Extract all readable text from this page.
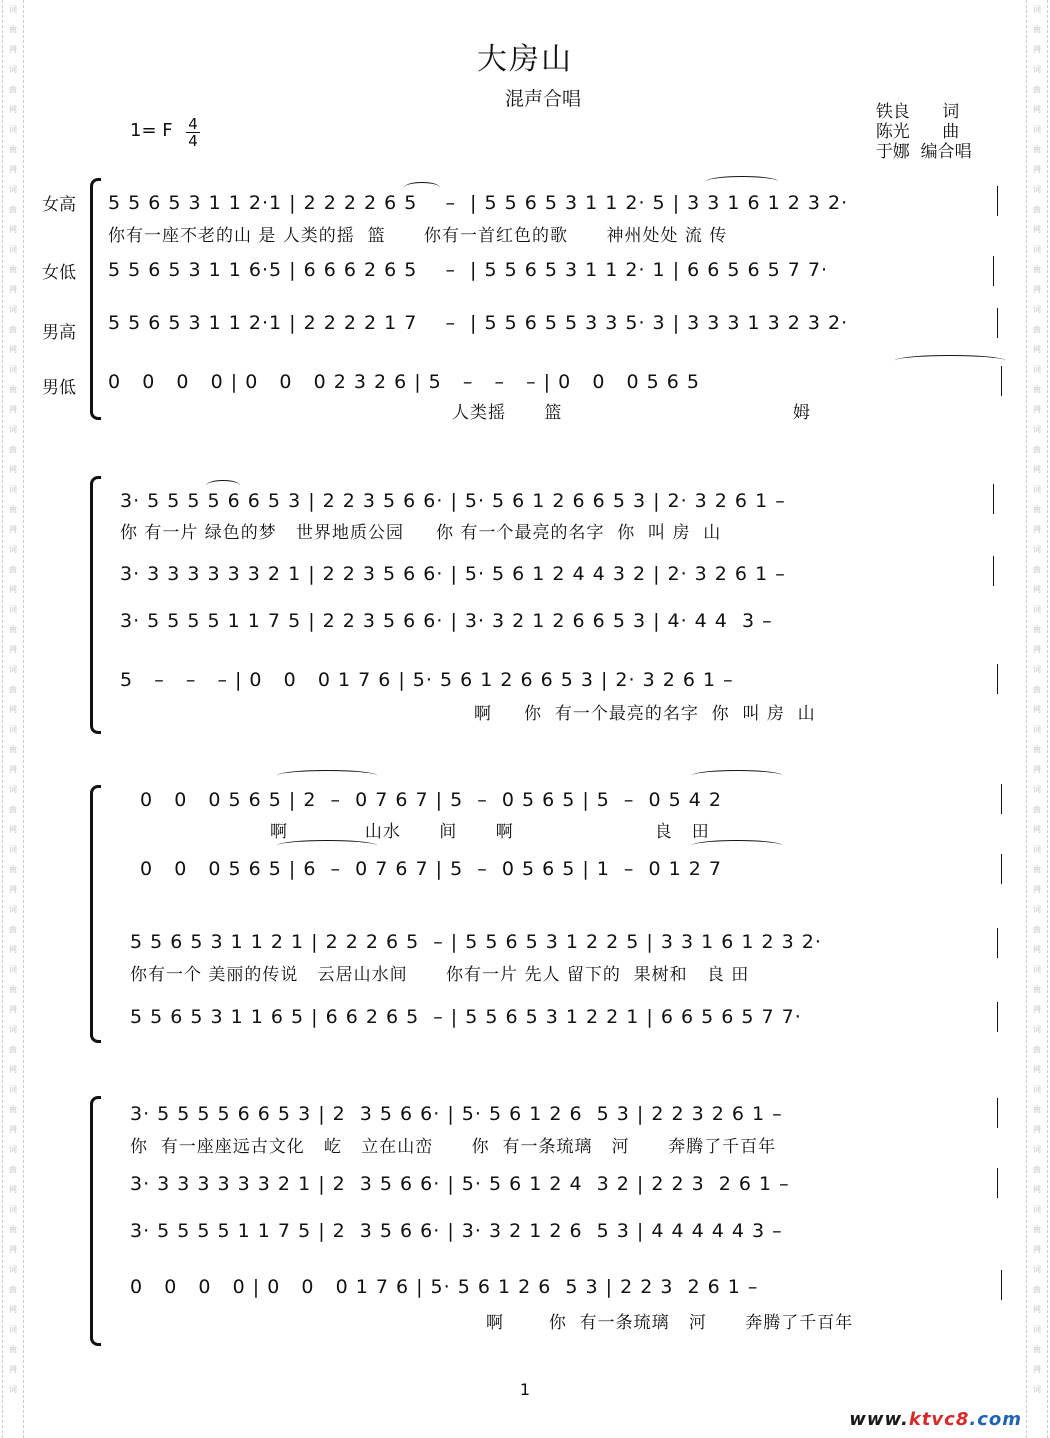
词
曲
网
词
曲
网
词
曲
网
词
曲
网
词
曲
网
词
曲
网
词
曲
网
词
曲
网
词
曲
网
词
曲
网
词
曲
网
词
曲
网
词
曲
网
词
曲
网
词
曲
网
词
曲
网
词
曲
网
词
曲
网
词
曲
网
词
曲
网
词
曲
网
词
曲
网
词
曲
网
词
词
曲
网
词
曲
网
词
曲
网
词
曲
网
词
曲
网
词
曲
网
词
曲
网
词
曲
网
词
曲
网
词
曲
网
词
曲
网
词
曲
网
词
曲
网
词
曲
网
词
曲
网
词
曲
网
词
曲
网
词
曲
网
词
曲
网
词
曲
网
词
曲
网
词
曲
网
词
曲
网
词
大房山
混声合唱

铁良 词

陈光 曲

于娜 编合唱

1= F $\frac{4}{4}$
女高
女低
男高
男低
5 5 6 5 3 1 1 2·1 | 2 2 2 2 6 5    –  | 5 5 6 5 3 1 1 2· 5 | 3 3 1 6 1 2 3 2·
你有一座不老的山 是 人类的摇  篮      你有一首红色的歌      神州处处 流 传
5 5 6 5 3 1 1 6·5 | 6 6 6 2 6 5    –  | 5 5 6 5 3 1 1 2· 1 | 6 6 5 6 5 7 7·
5 5 6 5 3 1 1 2·1 | 2 2 2 2 1 7    –  | 5 5 6 5 5 3 3 5· 3 | 3 3 3 1 3 2 3 2·
0   0   0   0 | 0   0   0 2 3 2 6 | 5   –   –   – | 0   0   0 5 6 5
人类摇      篮                                    姆
3· 5 5 5 5 6 6 5 3 | 2 2 3 5 6 6· | 5· 5 6 1 2 6 6 5 3 | 2· 3 2 6 1 –
你 有一片 绿色的梦   世界地质公园     你 有一个最亮的名字  你  叫 房  山
3· 3 3 3 3 3 3 2 1 | 2 2 3 5 6 6· | 5· 5 6 1 2 4 4 3 2 | 2· 3 2 6 1 –
3· 5 5 5 5 1 1 7 5 | 2 2 3 5 6 6· | 3· 3 2 1 2 6 6 5 3 | 4· 4 4  3 –
5   –   –   – | 0   0   0 1 7 6 | 5· 5 6 1 2 6 6 5 3 | 2· 3 2 6 1 –
啊     你  有一个最亮的名字  你  叫 房  山
0   0   0 5 6 5 | 2  –  0 7 6 7 | 5  –  0 5 6 5 | 5  –  0 5 4 2
啊            山水      间      啊                      良   田
0   0   0 5 6 5 | 6  –  0 7 6 7 | 5  –  0 5 6 5 | 1  –  0 1 2 7
5 5 6 5 3 1 1 2 1 | 2 2 2 6 5  – | 5 5 6 5 3 1 2 2 5 | 3 3 1 6 1 2 3 2·
你有一个 美丽的传说   云居山水间      你有一片 先人 留下的  果树和   良 田
5 5 6 5 3 1 1 6 5 | 6 6 2 6 5  – | 5 5 6 5 3 1 2 2 1 | 6 6 5 6 5 7 7·
3· 5 5 5 5 6 6 5 3 | 2  3 5 6 6· | 5· 5 6 1 2 6  5 3 | 2 2 3 2 6 1 –
你  有一座座远古文化   屹   立在山峦      你  有一条琉璃   河      奔腾了千百年
3· 3 3 3 3 3 3 2 1 | 2  3 5 6 6· | 5· 5 6 1 2 4  3 2 | 2 2 3  2 6 1 –
3· 5 5 5 5 1 1 7 5 | 2  3 5 6 6· | 3· 3 2 1 2 6  5 3 | 4 4 4 4 4 3 –
0   0   0   0 | 0   0   0 1 7 6 | 5· 5 6 1 2 6  5 3 | 2 2 3  2 6 1 –
啊       你  有一条琉璃   河      奔腾了千百年
1

www.ktvc8.com
